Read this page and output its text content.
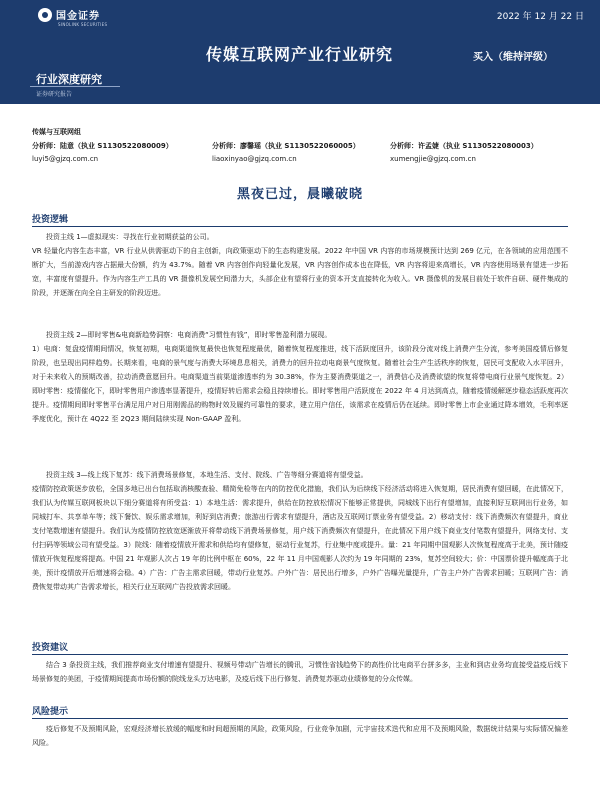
国金证券
SINOLINK SECURITIES
2022 年 12 月 22 日
传媒互联网产业行业研究	买入（维持评级）
行业深度研究
证券研究报告
传媒与互联网组
分析师：陆意（执业 S1130522080009）
luyi5@gjzq.com.cn
分析师：廖馨瑶（执业 S1130522060005）
liaoxinyao@gjzq.com.cn
分析师：许孟婕（执业 S1130522080003）
xumengjie@gjzq.com.cn
黑夜已过，晨曦破晓
投资逻辑
投资主线 1—虚拟现实：寻找在行业初期获益的公司。
VR 轻量化内容生态丰富，VR 行业从供需驱动下的自主创新，向政策驱动下的生态构建发展。2022 年中国 VR 内容的市场规模预计达到 269 亿元，在各领域的应用范围不断扩大，当前游戏内容占据最大份额，约为 43.7%。随着 VR 内容创作向轻量化发展，VR 内容创作成本也在降低，VR 内容将迎来高增长，VR 内容使用场景有望进一步拓宽，丰富度有望提升。作为内容生产工具的 VR 摄像机发展空间潜力大，头部企业有望将行业的资本开支直接转化为收入。VR 摄像机的发展目前处于软件自研、硬件集成的阶段，并逐渐在向全自主研发的阶段迈进。
投资主线 2—即时零售&电商新趋势洞察：电商消费“习惯性有钱”，即时零售盈利潜力展现。
1）电商：复盘疫情期间情况，恢复初期，电商渠道恢复最快也恢复程度最优，随着恢复程度推进，线下活跃度回升，该阶段分流对线上消费产生分流，参考美国疫情后修复阶段，也呈现出同样趋势。长期来看，电商的景气度与消费大环境息息相关，消费力的回升拉动电商景气度恢复。随着社会生产生活秩序的恢复，居民可支配收入水平回升，对于未来收入的预期改善，拉动消费意愿回升。电商渠道当前渠道渗透率约为 30.38%，作为主要消费渠道之一，消费信心及消费欲望的恢复将带电商行业景气度恢复。2）即时零售：疫情催化下，即时零售用户渗透率显著提升，疫情好转后需求会稳且持续增长。即时零售用户活跃度在 2022 年 4 月达到高点，随着疫情缓解逐步稳态活跃度再次提升。疫情期间即时零售平台满足用户对日用刚需品的购物时效及履约可靠性的要求，建立用户信任，该需求在疫情后仍在延续。即时零售上市企业通过降本增效，毛利率逐季度优化，预计在 4Q22 至 2Q23 期间陆续实现 Non-GAAP 盈利。
投资主线 3—线上线下复苏：线下消费场景修复，本地生活、支付、院线、广告等细分赛道将有望受益。
疫情防控政策逐步放松，全国多地已出台包括取消核酸查验、精简免检等在内的防控优化措施，我们认为后续线下经济活动将进入恢复期，居民消费有望回暖，在此情况下，我们认为传媒互联网板块以下细分赛道将有所受益：1）本地生活：需求提升，供给在防控放松情况下能够正常提供，同城线下出行有望增加，直接利好互联网出行业务，如同城打车、共享单车等；线下餐饮、娱乐需求增加，利好到店消费；旅游出行需求有望提升，酒店及互联网订票业务有望受益。2）移动支付：线下消费频次有望提升，商业支付笔数增速有望提升。我们认为疫情防控放宽逐渐放开将带动线下消费场景修复，用户线下消费频次有望提升，在此情况下用户线下商业支付笔数有望提升，网络支付、支付扫码等领域公司有望受益。3）院线：随着疫情放开需求和供给均有望修复，驱动行业复苏，行业集中度或提升。量：21 年同期中国观影人次恢复程度高于北美，预计随疫情放开恢复程度将提高。中国 21 年观影人次占 19 年的比例中枢在 60%，22 年 11 月中国观影人次约为 19 年同期的 23%，复苏空间较大；价：中国票价提升幅度高于北美，预计疫情放开后增速将会稳。4）广告：广告主需求回暖，带动行业复苏。户外广告：居民出行增多，户外广告曝光量提升，广告主户外广告需求回暖；互联网广告：消费恢复带动其广告需求增长，相关行业互联网广告投放需求回暖。
投资建议
结合 3 条投资主线，我们推荐商业支付增速有望提升、视频号带动广告增长的腾讯，习惯性省钱趋势下的高性价比电商平台拼多多，主业和到店业务均直接受益疫后线下场景修复的美团，于疫情期间提高市场份额的院线龙头万达电影，及疫后线下出行修复、消费复苏驱动业绩修复的分众传媒。
风险提示
疫后修复不及预期风险，宏观经济增长放缓的幅度和时间超预期的风险，政策风险，行业竞争加剧，元宇宙技术迭代和应用不及预期风险，数据统计结果与实际情况偏差风险。
